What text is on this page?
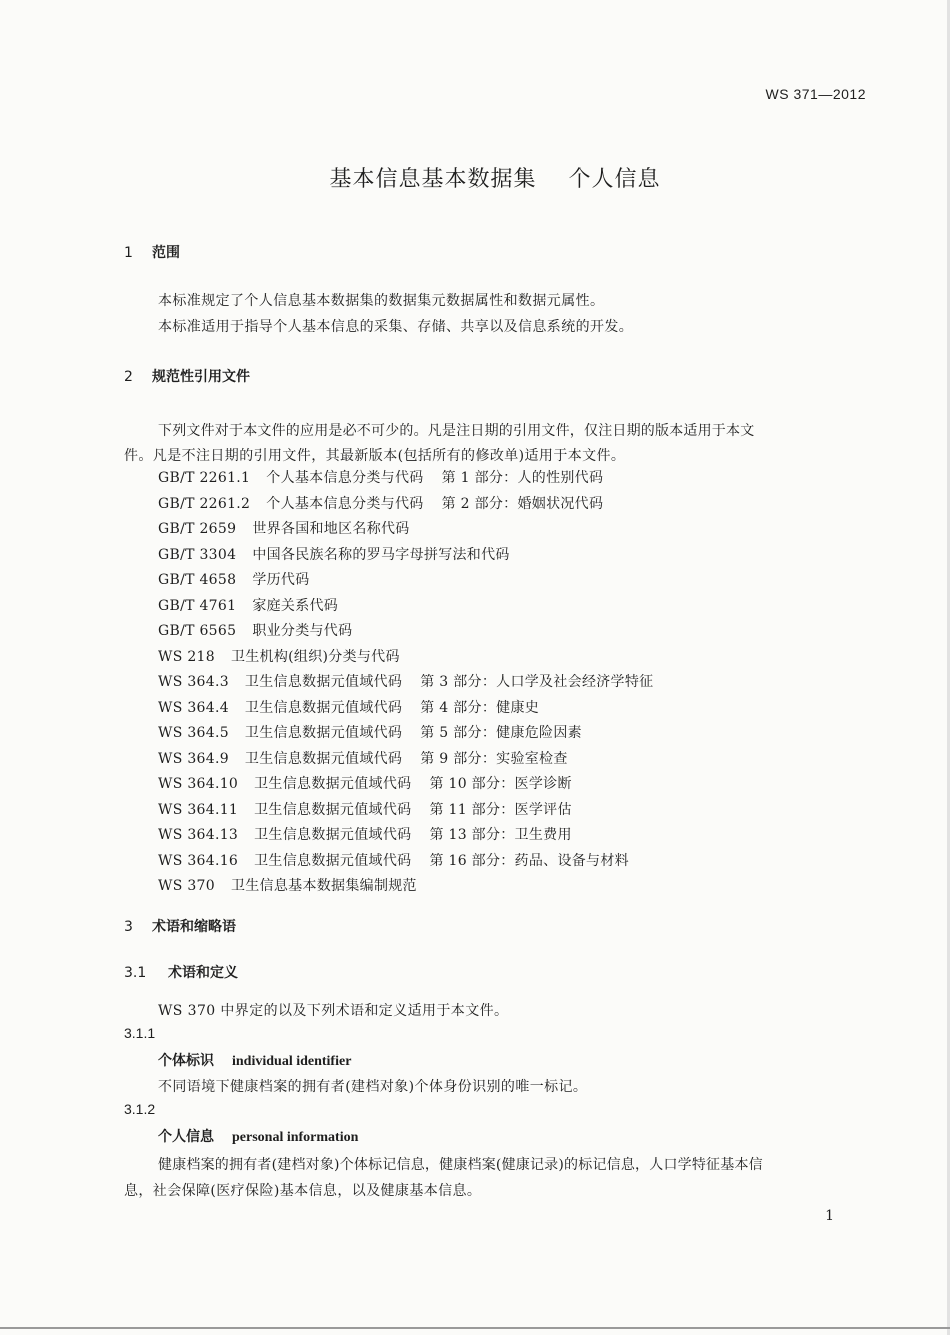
WS 371—2012
基本信息基本数据集    个人信息
1 范围
本标准规定了个人信息基本数据集的数据集元数据属性和数据元属性。
本标准适用于指导个人基本信息的采集、存储、共享以及信息系统的开发。
2 规范性引用文件
下列文件对于本文件的应用是必不可少的。凡是注日期的引用文件，仅注日期的版本适用于本文
件。凡是不注日期的引用文件，其最新版本(包括所有的修改单)适用于本文件。
GB/T 2261.1 个人基本信息分类与代码 第 1 部分：人的性别代码
GB/T 2261.2 个人基本信息分类与代码 第 2 部分：婚姻状况代码
GB/T 2659 世界各国和地区名称代码
GB/T 3304 中国各民族名称的罗马字母拼写法和代码
GB/T 4658 学历代码
GB/T 4761 家庭关系代码
GB/T 6565 职业分类与代码
WS 218 卫生机构(组织)分类与代码
WS 364.3 卫生信息数据元值域代码 第 3 部分：人口学及社会经济学特征
WS 364.4 卫生信息数据元值域代码 第 4 部分：健康史
WS 364.5 卫生信息数据元值域代码 第 5 部分：健康危险因素
WS 364.9 卫生信息数据元值域代码 第 9 部分：实验室检查
WS 364.10 卫生信息数据元值域代码 第 10 部分：医学诊断
WS 364.11 卫生信息数据元值域代码 第 11 部分：医学评估
WS 364.13 卫生信息数据元值域代码 第 13 部分：卫生费用
WS 364.16 卫生信息数据元值域代码 第 16 部分：药品、设备与材料
WS 370 卫生信息基本数据集编制规范
3 术语和缩略语
3.1 术语和定义
WS 370 中界定的以及下列术语和定义适用于本文件。
3.1.1
个体标识 individual identifier
不同语境下健康档案的拥有者(建档对象)个体身份识别的唯一标记。
3.1.2
个人信息 personal information
健康档案的拥有者(建档对象)个体标记信息，健康档案(健康记录)的标记信息，人口学特征基本信
息，社会保障(医疗保险)基本信息，以及健康基本信息。
1
